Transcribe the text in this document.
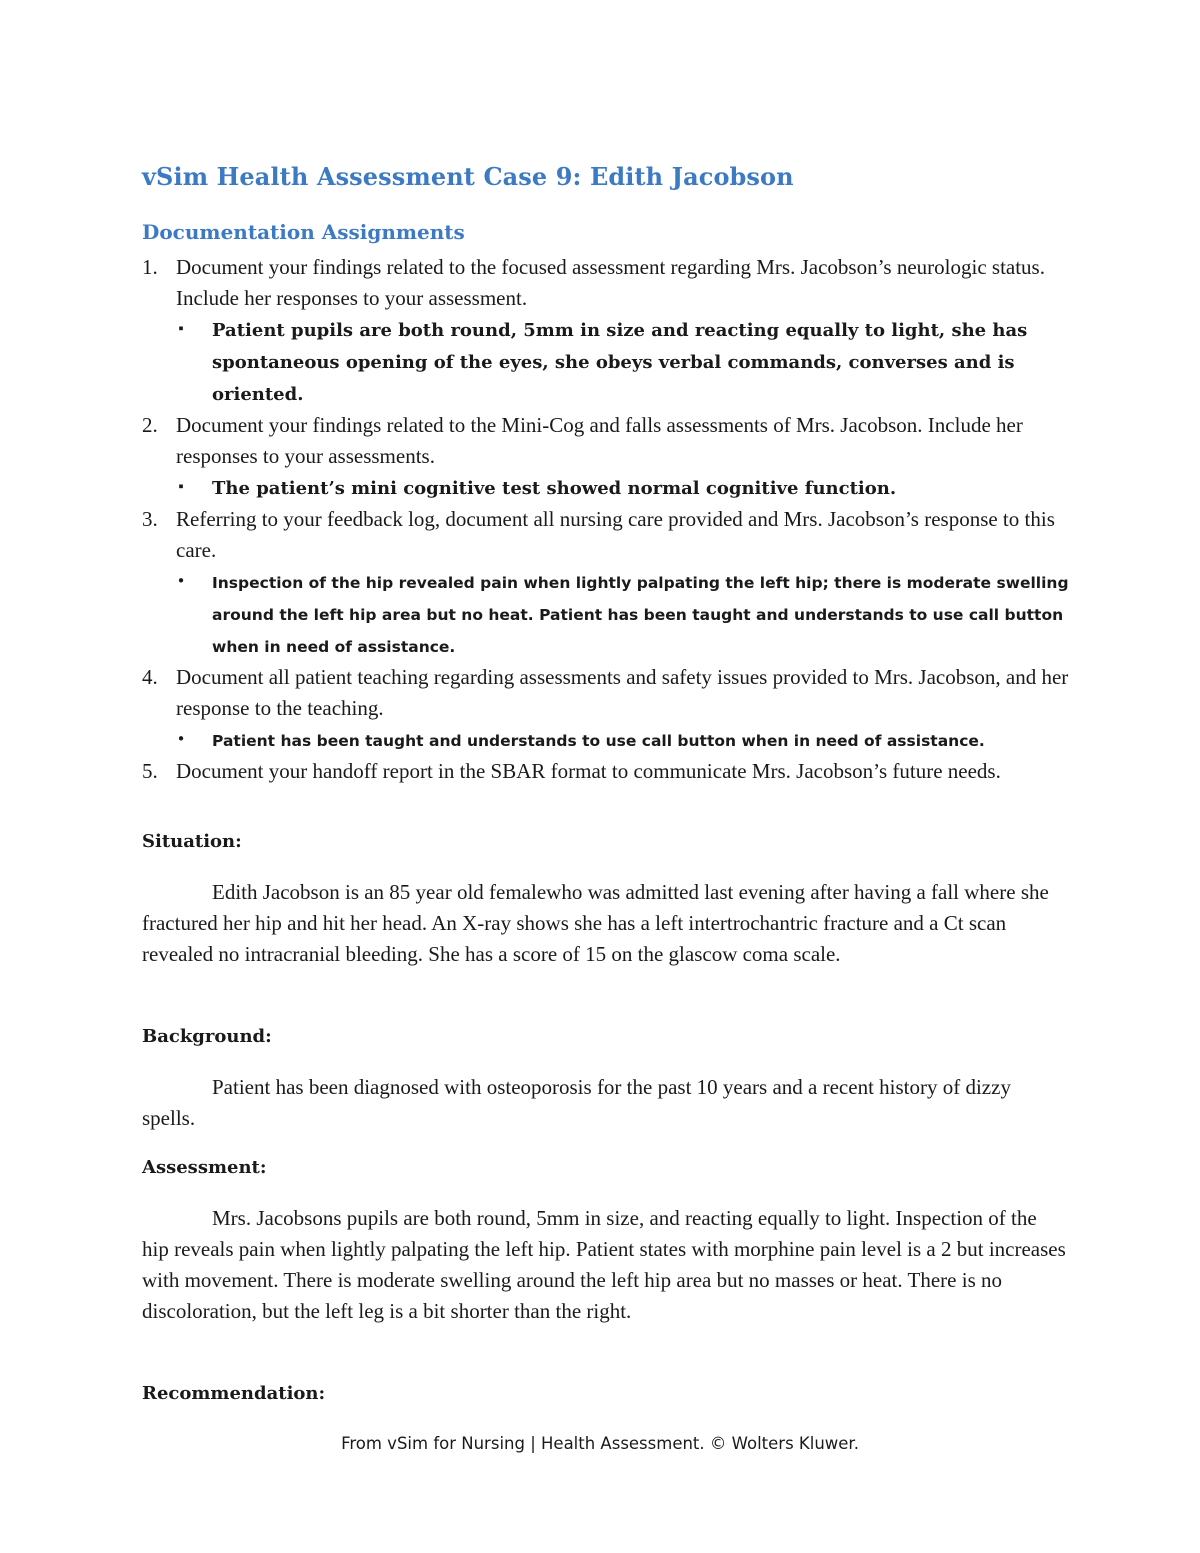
vSim Health Assessment Case 9: Edith Jacobson
Documentation Assignments
1. Document your findings related to the focused assessment regarding Mrs. Jacobson’s neurologic status. Include her responses to your assessment.
▪ Patient pupils are both round, 5mm in size and reacting equally to light, she has spontaneous opening of the eyes, she obeys verbal commands, converses and is oriented.
2. Document your findings related to the Mini-Cog and falls assessments of Mrs. Jacobson. Include her responses to your assessments.
▪ The patient’s mini cognitive test showed normal cognitive function.
3. Referring to your feedback log, document all nursing care provided and Mrs. Jacobson’s response to this care.
• Inspection of the hip revealed pain when lightly palpating the left hip; there is moderate swelling around the left hip area but no heat. Patient has been taught and understands to use call button when in need of assistance.
4. Document all patient teaching regarding assessments and safety issues provided to Mrs. Jacobson, and her response to the teaching.
• Patient has been taught and understands to use call button when in need of assistance.
5. Document your handoff report in the SBAR format to communicate Mrs. Jacobson’s future needs.
Situation:

Edith Jacobson is an 85 year old femalewho was admitted last evening after having a fall where she fractured her hip and hit her head. An X-ray shows she has a left intertrochantric fracture and a Ct scan revealed no intracranial bleeding. She has a score of 15 on the glascow coma scale.

Background:

Patient has been diagnosed with osteoporosis for the past 10 years and a recent history of dizzy spells.

Assessment:

Mrs. Jacobsons pupils are both round, 5mm in size, and reacting equally to light. Inspection of the hip reveals pain when lightly palpating the left hip. Patient states with morphine pain level is a 2 but increases with movement. There is moderate swelling around the left hip area but no masses or heat. There is no discoloration, but the left leg is a bit shorter than the right.

Recommendation:
From vSim for Nursing | Health Assessment. © Wolters Kluwer.
